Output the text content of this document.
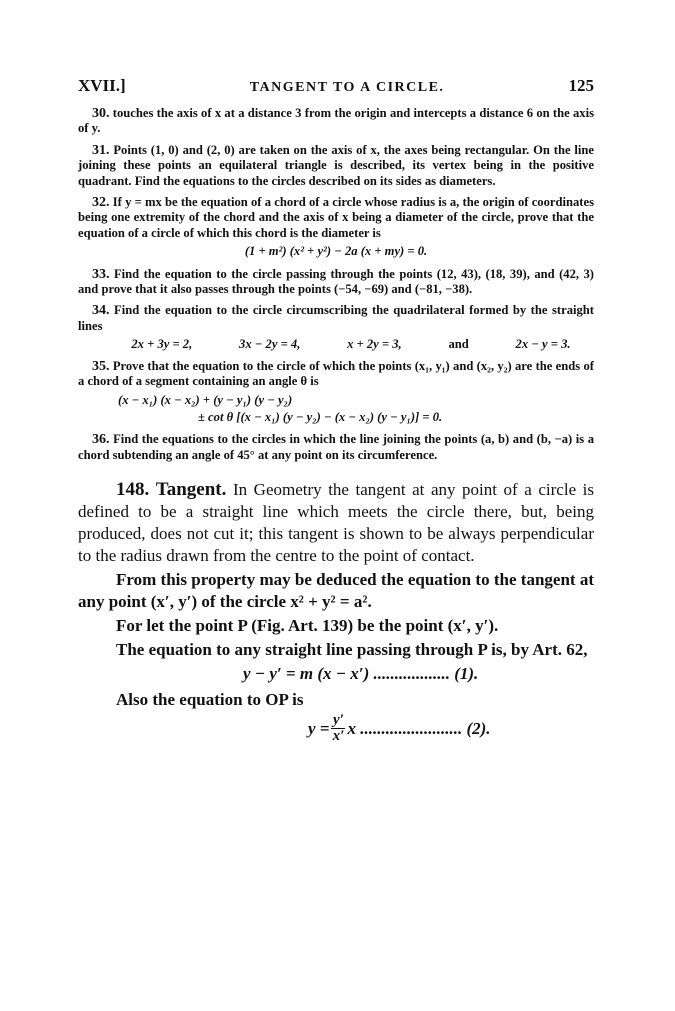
XVII.]	TANGENT TO A CIRCLE.	125

30. touches the axis of x at a distance 3 from the origin and intercepts a distance 6 on the axis of y.

31. Points (1, 0) and (2, 0) are taken on the axis of x, the axes being rectangular. On the line joining these points an equilateral triangle is described, its vertex being in the positive quadrant. Find the equations to the circles described on its sides as diameters.

32. If y = mx be the equation of a chord of a circle whose radius is a, the origin of coordinates being one extremity of the chord and the axis of x being a diameter of the circle, prove that the equation of a circle of which this chord is the diameter is

(1 + m²) (x² + y²) − 2a (x + my) = 0.

33. Find the equation to the circle passing through the points (12, 43), (18, 39), and (42, 3) and prove that it also passes through the points (−54, −69) and (−81, −38).

34. Find the equation to the circle circumscribing the quadrilateral formed by the straight lines

2x + 3y = 2,	3x − 2y = 4,	x + 2y = 3,	and	2x − y = 3.

35. Prove that the equation to the circle of which the points (x₁, y₁) and (x₂, y₂) are the ends of a chord of a segment containing an angle θ is

(x − x₁) (x − x₂) + (y − y₁) (y − y₂)
± cot θ [(x − x₁) (y − y₂) − (x − x₂) (y − y₁)] = 0.

36. Find the equations to the circles in which the line joining the points (a, b) and (b, −a) is a chord subtending an angle of 45° at any point on its circumference.

148. Tangent. In Geometry the tangent at any point of a circle is defined to be a straight line which meets the circle there, but, being produced, does not cut it; this tangent is shown to be always perpendicular to the radius drawn from the centre to the point of contact.

From this property may be deduced the equation to the tangent at any point (x′, y′) of the circle x² + y² = a².

For let the point P (Fig. Art. 139) be the point (x′, y′).

The equation to any straight line passing through P is, by Art. 62,

y − y′ = m (x − x′) .................. (1).

Also the equation to OP is

$y = \frac{y'}{x'}$ x ........................ (2).
